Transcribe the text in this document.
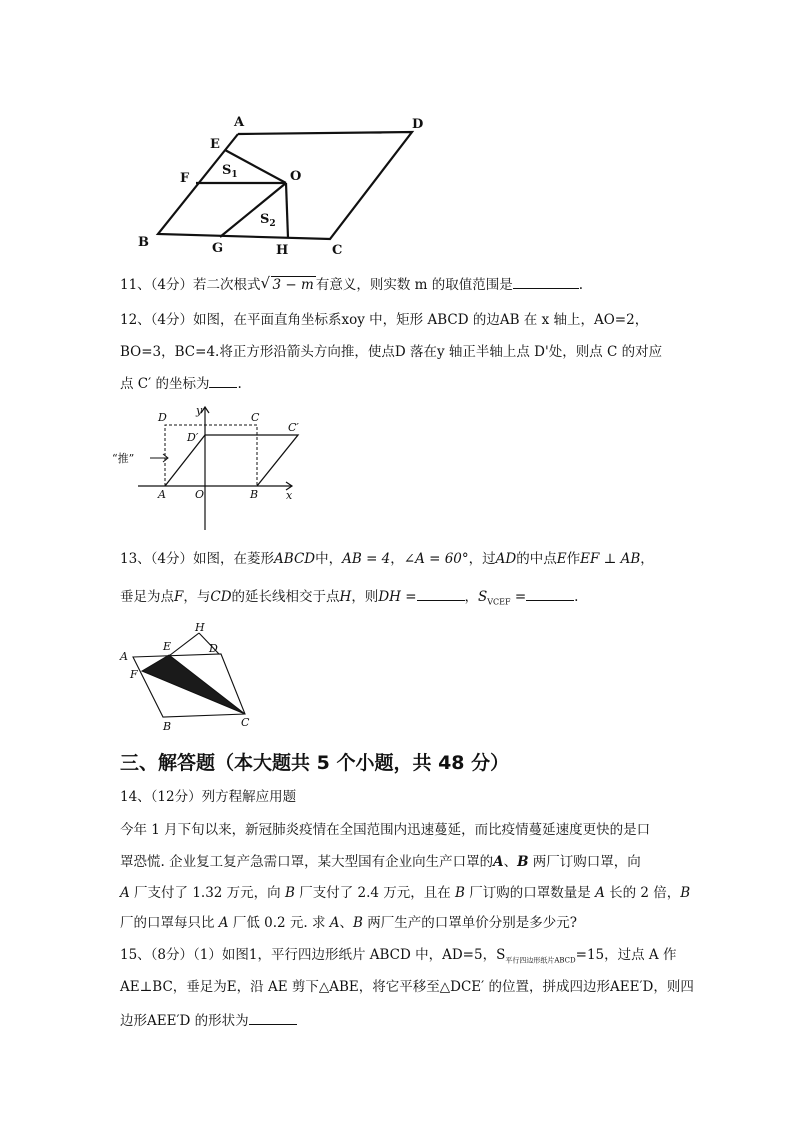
A	D
E
F	O
B	G	H	C
$S_1$
$S_2$
11、（4分）若二次根式 √ 3 − m 有意义，则实数 m 的取值范围是	.
12、（4分）如图，在平面直角坐标系xoy 中，矩形 ABCD 的边AB 在 x 轴上，AO=2，
BO=3，BC=4.将正方形沿箭头方向推，使点D 落在y 轴正半轴上点 D'处，则点 C 的对应
点 C′ 的坐标为 .
D	C
y
D′
C′
A	O	B	x
“推”
13、（4分）如图，在菱形ABCD中，AB = 4，∠A = 60°，过AD的中点E作EF ⊥ AB，
垂足为点F，与CD的延长线相交于点H，则DH =	，$S_{VCEF}$ =	.
H
E	D
A
F
B	C
三、解答题（本大题共 5 个小题，共 48 分）
14、（12分）列方程解应用题
今年 1 月下旬以来，新冠肺炎疫情在全国范围内迅速蔓延，而比疫情蔓延速度更快的是口
罩恐慌. 企业复工复产急需口罩，某大型国有企业向生产口罩的A、B 两厂订购口罩，向
A 厂支付了 1.32 万元，向 B 厂支付了 2.4 万元，且在 B 厂订购的口罩数量是 A 长的 2 倍，B
厂的口罩每只比 A 厂低 0.2 元. 求 A、B 两厂生产的口罩单价分别是多少元?
15、（8分）（1）如图1，平行四边形纸片 ABCD 中，AD=5，$S_{平行四边形纸片ABCD}=15$，过点 A 作
AE⊥BC，垂足为E，沿 AE 剪下△ABE，将它平移至△DCE′ 的位置，拼成四边形AEE′D，则四
边形AEE′D 的形状为
